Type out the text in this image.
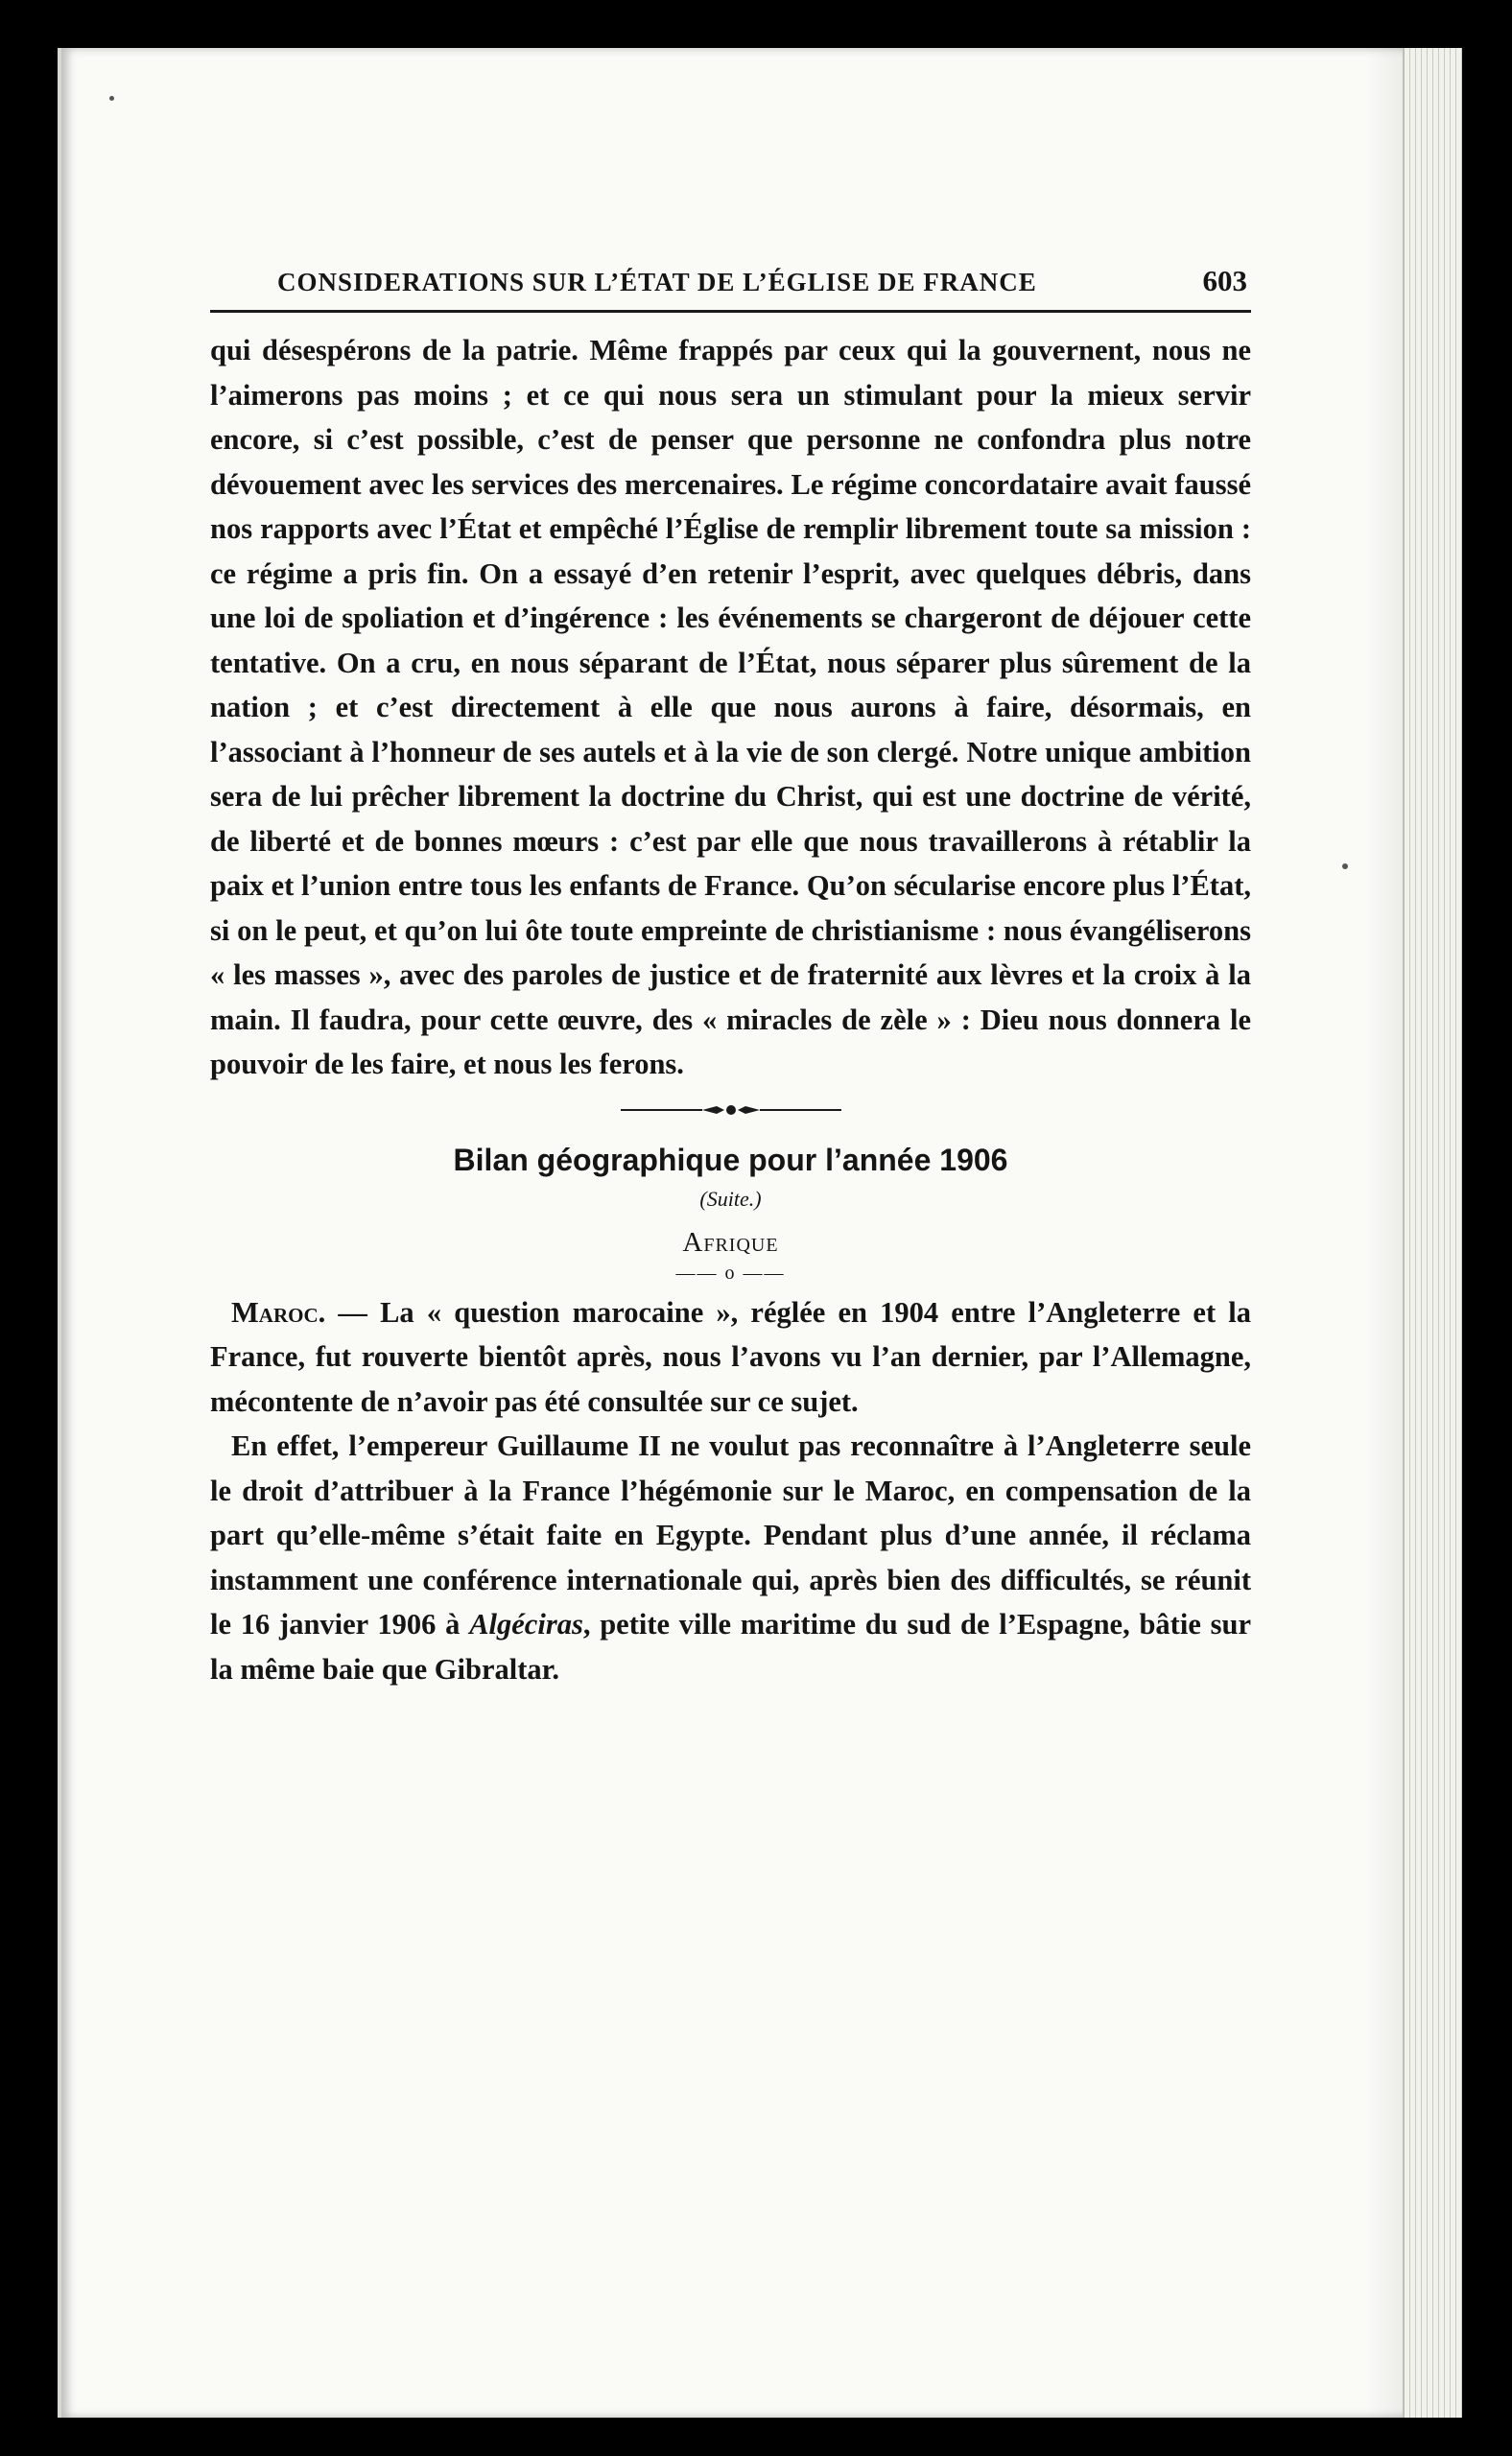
CONSIDERATIONS SUR L’ÉTAT DE L’ÉGLISE DE FRANCE	603

qui désespérons de la patrie. Même frappés par ceux qui la gouvernent, nous ne l’aimerons pas moins ; et ce qui nous sera un stimulant pour la mieux servir encore, si c’est possible, c’est de penser que personne ne confondra plus notre dévouement avec les services des mercenaires. Le régime concordataire avait faussé nos rapports avec l’État et empêché l’Église de remplir librement toute sa mission : ce régime a pris fin. On a essayé d’en retenir l’esprit, avec quelques débris, dans une loi de spoliation et d’ingérence : les événements se chargeront de déjouer cette tentative. On a cru, en nous séparant de l’État, nous séparer plus sûrement de la nation ; et c’est directement à elle que nous aurons à faire, désormais, en l’associant à l’honneur de ses autels et à la vie de son clergé. Notre unique ambition sera de lui prêcher librement la doctrine du Christ, qui est une doctrine de vérité, de liberté et de bonnes mœurs : c’est par elle que nous travaillerons à rétablir la paix et l’union entre tous les enfants de France. Qu’on sécularise encore plus l’État, si on le peut, et qu’on lui ôte toute empreinte de christianisme : nous évangéliserons « les masses », avec des paroles de justice et de fraternité aux lèvres et la croix à la main. Il faudra, pour cette œuvre, des « miracles de zèle » : Dieu nous donnera le pouvoir de les faire, et nous les ferons.

Bilan géographique pour l’année 1906
(Suite.)
Afrique
—— o ——

Maroc. — La « question marocaine », réglée en 1904 entre l’Angleterre et la France, fut rouverte bientôt après, nous l’avons vu l’an dernier, par l’Allemagne, mécontente de n’avoir pas été consultée sur ce sujet.

En effet, l’empereur Guillaume II ne voulut pas reconnaître à l’Angleterre seule le droit d’attribuer à la France l’hégémonie sur le Maroc, en compensation de la part qu’elle-même s’était faite en Egypte. Pendant plus d’une année, il réclama instamment une conférence internationale qui, après bien des difficultés, se réunit le 16 janvier 1906 à Algéciras, petite ville maritime du sud de l’Espagne, bâtie sur la même baie que Gibraltar.
